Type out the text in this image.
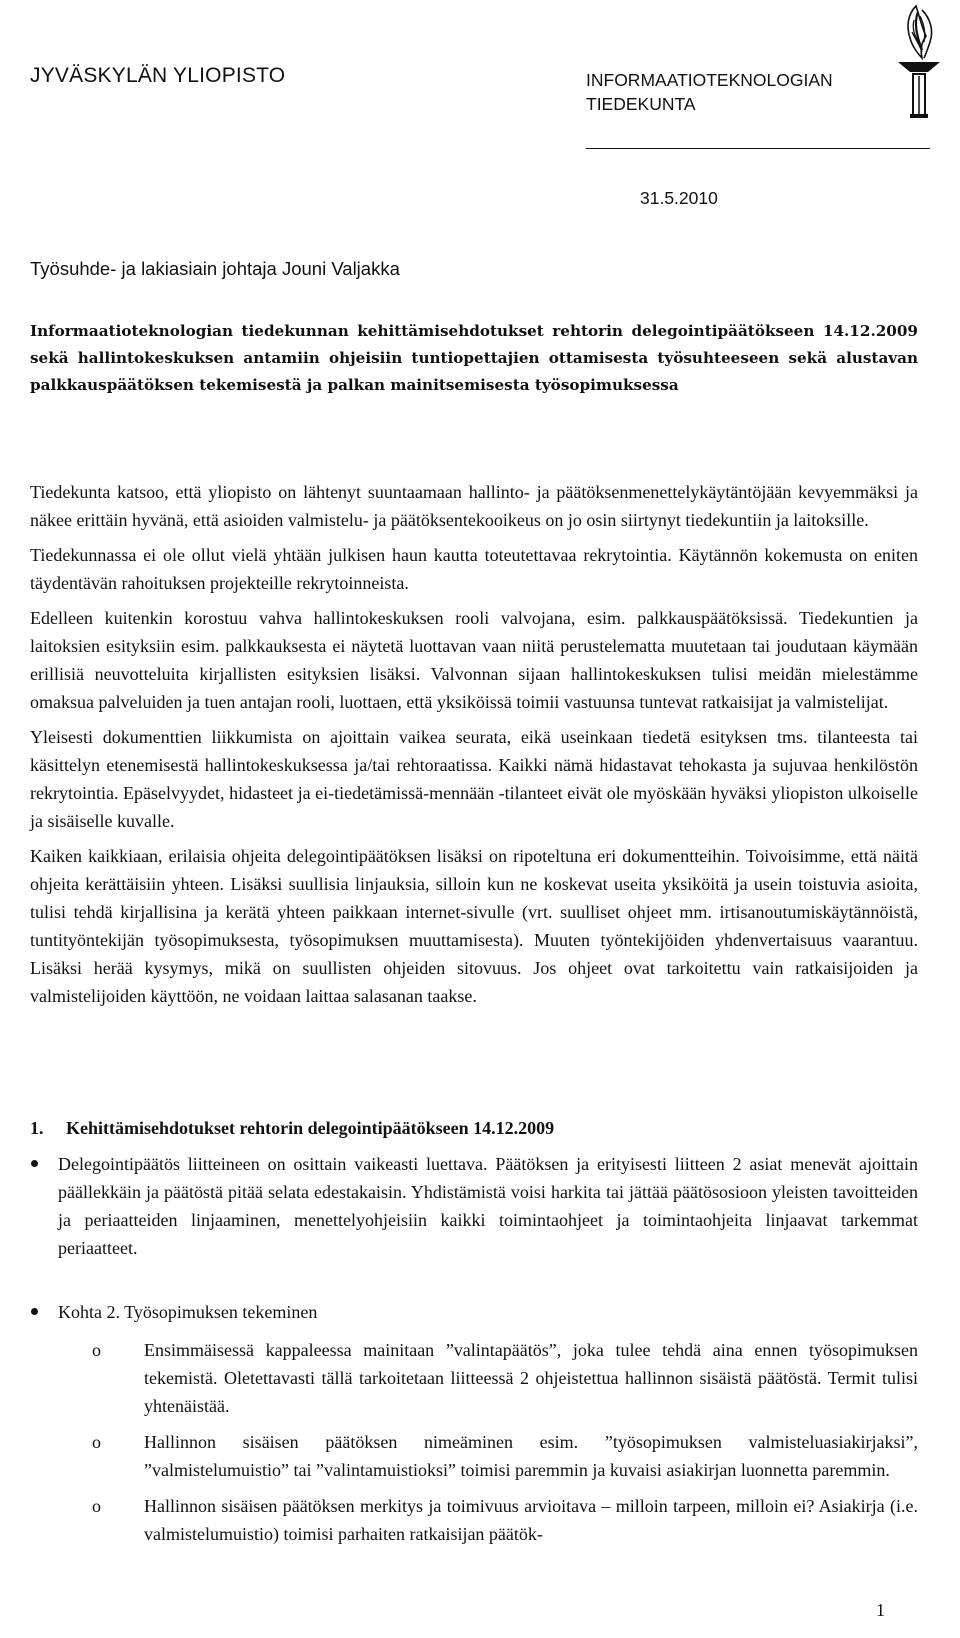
JYVÄSKYLÄN YLIOPISTO	INFORMAATIOTEKNOLOGIAN
TIEDEKUNTA
31.5.2010
Työsuhde- ja lakiasiain johtaja Jouni Valjakka
Informaatioteknologian tiedekunnan kehittämisehdotukset rehtorin delegointipäätökseen 14.12.2009 sekä hallintokeskuksen antamiin ohjeisiin tuntiopettajien ottamisesta työsuhteeseen sekä alustavan palkkauspäätöksen tekemisestä ja palkan mainitsemisesta työsopimuksessa

Tiedekunta katsoo, että yliopisto on lähtenyt suuntaamaan hallinto- ja päätöksenmenettelykäytäntöjään kevyemmäksi ja näkee erittäin hyvänä, että asioiden valmistelu- ja päätöksentekooikeus on jo osin siirtynyt tiedekuntiin ja laitoksille.

Tiedekunnassa ei ole ollut vielä yhtään julkisen haun kautta toteutettavaa rekrytointia. Käytännön kokemusta on eniten täydentävän rahoituksen projekteille rekrytoinneista.

Edelleen kuitenkin korostuu vahva hallintokeskuksen rooli valvojana, esim. palkkauspäätöksissä. Tiedekuntien ja laitoksien esityksiin esim. palkkauksesta ei näytetä luottavan vaan niitä perustelematta muutetaan tai joudutaan käymään erillisiä neuvotteluita kirjallisten esityksien lisäksi. Valvonnan sijaan hallintokeskuksen tulisi meidän mielestämme omaksua palveluiden ja tuen antajan rooli, luottaen, että yksiköissä toimii vastuunsa tuntevat ratkaisijat ja valmistelijat.

Yleisesti dokumenttien liikkumista on ajoittain vaikea seurata, eikä useinkaan tiedetä esityksen tms. tilanteesta tai käsittelyn etenemisestä hallintokeskuksessa ja/tai rehtoraatissa. Kaikki nämä hidastavat tehokasta ja sujuvaa henkilöstön rekrytointia. Epäselvyydet, hidasteet ja ei-tiedetämissä-mennään -tilanteet eivät ole myöskään hyväksi yliopiston ulkoiselle ja sisäiselle kuvalle.

Kaiken kaikkiaan, erilaisia ohjeita delegointipäätöksen lisäksi on ripoteltuna eri dokumentteihin. Toivoisimme, että näitä ohjeita kerättäisiin yhteen. Lisäksi suullisia linjauksia, silloin kun ne koskevat useita yksiköitä ja usein toistuvia asioita, tulisi tehdä kirjallisina ja kerätä yhteen paikkaan internet-sivulle (vrt. suulliset ohjeet mm. irtisanoutumiskäytännöistä, tuntityöntekijän työsopimuksesta, työsopimuksen muuttamisesta). Muuten työntekijöiden yhdenvertaisuus vaarantuu. Lisäksi herää kysymys, mikä on suullisten ohjeiden sitovuus. Jos ohjeet ovat tarkoitettu vain ratkaisijoiden ja valmistelijoiden käyttöön, ne voidaan laittaa salasanan taakse.

1. Kehittämisehdotukset rehtorin delegointipäätökseen 14.12.2009
Delegointipäätös liitteineen on osittain vaikeasti luettava. Päätöksen ja erityisesti liitteen 2 asiat menevät ajoittain päällekkäin ja päätöstä pitää selata edestakaisin. Yhdistämistä voisi harkita tai jättää päätösosioon yleisten tavoitteiden ja periaatteiden linjaaminen, menettelyohjeisiin kaikki toimintaohjeet ja toimintaohjeita linjaavat tarkemmat periaatteet.
Kohta 2. Työsopimuksen tekeminen
o	Ensimmäisessä kappaleessa mainitaan ”valintapäätös”, joka tulee tehdä aina ennen työsopimuksen tekemistä. Oletettavasti tällä tarkoitetaan liitteessä 2 ohjeistettua hallinnon sisäistä päätöstä. Termit tulisi yhtenäistää.
o	Hallinnon sisäisen päätöksen nimeäminen esim. ”työsopimuksen valmisteluasiakirjaksi”, ”valmistelumuistio” tai ”valintamuistioksi” toimisi paremmin ja kuvaisi asiakirjan luonnetta paremmin.
o	Hallinnon sisäisen päätöksen merkitys ja toimivuus arvioitava – milloin tarpeen, milloin ei? Asiakirja (i.e. valmistelumuistio) toimisi parhaiten ratkaisijan päätök-
1
